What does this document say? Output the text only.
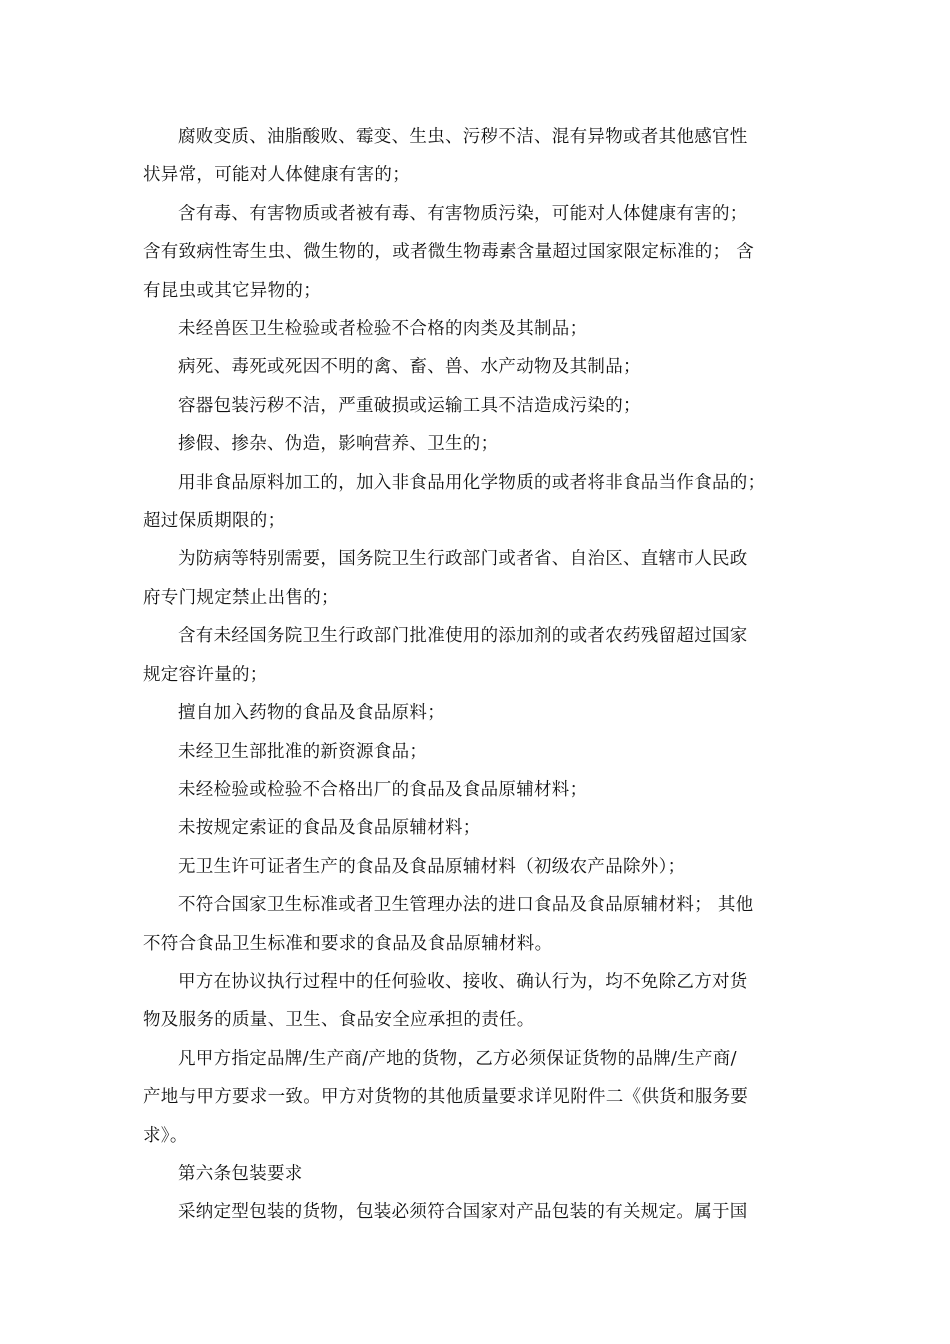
腐败变质、油脂酸败、霉变、生虫、污秽不洁、混有异物或者其他感官性
状异常，可能对人体健康有害的；

含有毒、有害物质或者被有毒、有害物质污染，可能对人体健康有害的；
含有致病性寄生虫、微生物的，或者微生物毒素含量超过国家限定标准的； 含
有昆虫或其它异物的；

未经兽医卫生检验或者检验不合格的肉类及其制品；

病死、毒死或死因不明的禽、畜、兽、水产动物及其制品；

容器包装污秽不洁，严重破损或运输工具不洁造成污染的；

掺假、掺杂、伪造，影响营养、卫生的；

用非食品原料加工的，加入非食品用化学物质的或者将非食品当作食品的；
超过保质期限的；

为防病等特别需要，国务院卫生行政部门或者省、自治区、直辖市人民政
府专门规定禁止出售的；

含有未经国务院卫生行政部门批准使用的添加剂的或者农药残留超过国家
规定容许量的；

擅自加入药物的食品及食品原料；

未经卫生部批准的新资源食品；

未经检验或检验不合格出厂的食品及食品原辅材料；

未按规定索证的食品及食品原辅材料；

无卫生许可证者生产的食品及食品原辅材料（初级农产品除外）；

不符合国家卫生标准或者卫生管理办法的进口食品及食品原辅材料； 其他
不符合食品卫生标准和要求的食品及食品原辅材料。

甲方在协议执行过程中的任何验收、接收、确认行为，均不免除乙方对货
物及服务的质量、卫生、食品安全应承担的责任。

凡甲方指定品牌/生产商/产地的货物，乙方必须保证货物的品牌/生产商/
产地与甲方要求一致。甲方对货物的其他质量要求详见附件二《供货和服务要
求》。

第六条包装要求

采纳定型包装的货物，包装必须符合国家对产品包装的有关规定。属于国
